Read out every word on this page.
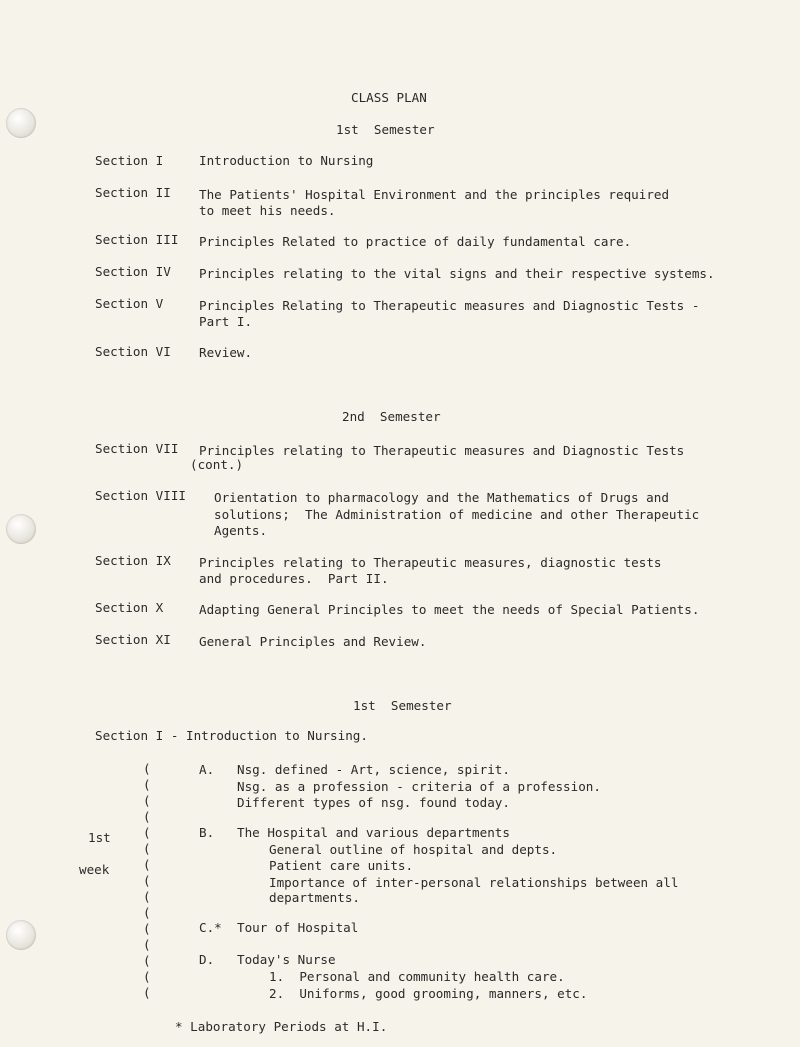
CLASS PLAN
1st  Semester
Section I	Introduction to Nursing
Section II The Patients' Hospital Environment and the principles required
to meet his needs.
Section III Principles Related to practice of daily fundamental care.
Section IV Principles relating to the vital signs and their respective systems.
Section V	Principles Relating to Therapeutic measures and Diagnostic Tests -
Part I.
Section VI Review.
2nd  Semester
Section VII Principles relating to Therapeutic measures and Diagnostic Tests
(cont.)
Section VIII Orientation to pharmacology and the Mathematics of Drugs and
solutions;  The Administration of medicine and other Therapeutic
Agents.
Section IX Principles relating to Therapeutic measures, diagnostic tests
and procedures.  Part II.
Section X	Adapting General Principles to meet the needs of Special Patients.
Section XI General Principles and Review.
1st  Semester
Section I - Introduction to Nursing.
1st
week
(
(
(
(
(
(
(
(
(
(
(
(
(
(
(
A. Nsg. defined - Art, science, spirit.
Nsg. as a profession - criteria of a profession.
Different types of nsg. found today.
B. The Hospital and various departments
General outline of hospital and depts.
Patient care units.
Importance of inter-personal relationships between all
departments.
C.* Tour of Hospital
D. Today's Nurse
1.  Personal and community health care.
2.  Uniforms, good grooming, manners, etc.
* Laboratory Periods at H.I.
